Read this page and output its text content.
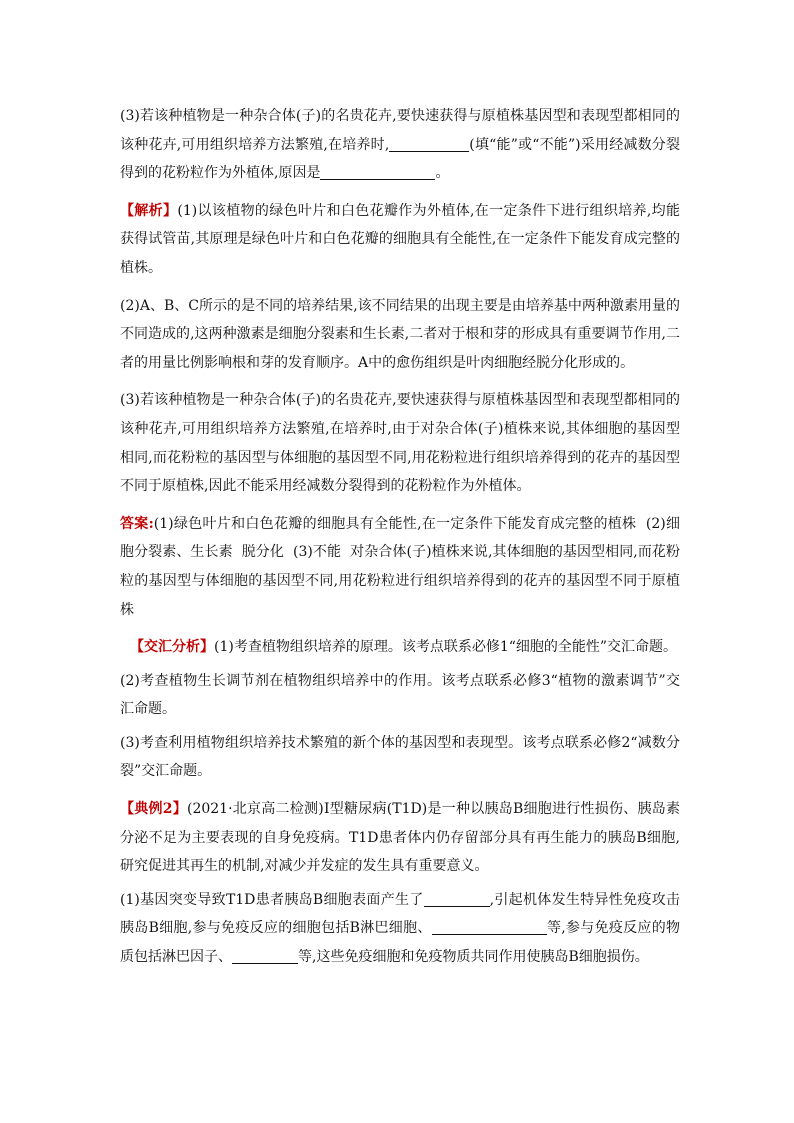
(3)若该种植物是一种杂合体(子)的名贵花卉,要快速获得与原植株基因型和表现型都相同的该种花卉,可用组织培养方法繁殖,在培养时,	(填“能”或“不能”)采用经减数分裂得到的花粉粒作为外植体,原因是	。

【解析】(1)以该植物的绿色叶片和白色花瓣作为外植体,在一定条件下进行组织培养,均能获得试管苗,其原理是绿色叶片和白色花瓣的细胞具有全能性,在一定条件下能发育成完整的植株。

(2)A、B、C所示的是不同的培养结果,该不同结果的出现主要是由培养基中两种激素用量的不同造成的,这两种激素是细胞分裂素和生长素,二者对于根和芽的形成具有重要调节作用,二者的用量比例影响根和芽的发育顺序。A中的愈伤组织是叶肉细胞经脱分化形成的。

(3)若该种植物是一种杂合体(子)的名贵花卉,要快速获得与原植株基因型和表现型都相同的该种花卉,可用组织培养方法繁殖,在培养时,由于对杂合体(子)植株来说,其体细胞的基因型相同,而花粉粒的基因型与体细胞的基因型不同,用花粉粒进行组织培养得到的花卉的基因型不同于原植株,因此不能采用经减数分裂得到的花粉粒作为外植体。

答案:(1)绿色叶片和白色花瓣的细胞具有全能性,在一定条件下能发育成完整的植株  (2)细胞分裂素、生长素  脱分化  (3)不能  对杂合体(子)植株来说,其体细胞的基因型相同,而花粉粒的基因型与体细胞的基因型不同,用花粉粒进行组织培养得到的花卉的基因型不同于原植株

【交汇分析】(1)考查植物组织培养的原理。该考点联系必修1“细胞的全能性”交汇命题。

(2)考查植物生长调节剂在植物组织培养中的作用。该考点联系必修3“植物的激素调节”交汇命题。

(3)考查利用植物组织培养技术繁殖的新个体的基因型和表现型。该考点联系必修2“减数分裂”交汇命题。

【典例2】(2021·北京高二检测)Ⅰ型糖尿病(T1D)是一种以胰岛B细胞进行性损伤、胰岛素分泌不足为主要表现的自身免疫病。T1D患者体内仍存留部分具有再生能力的胰岛B细胞,研究促进其再生的机制,对减少并发症的发生具有重要意义。

(1)基因突变导致T1D患者胰岛B细胞表面产生了	,引起机体发生特异性免疫攻击胰岛B细胞,参与免疫反应的细胞包括B淋巴细胞、	等,参与免疫反应的物质包括淋巴因子、	等,这些免疫细胞和免疫物质共同作用使胰岛B细胞损伤。
